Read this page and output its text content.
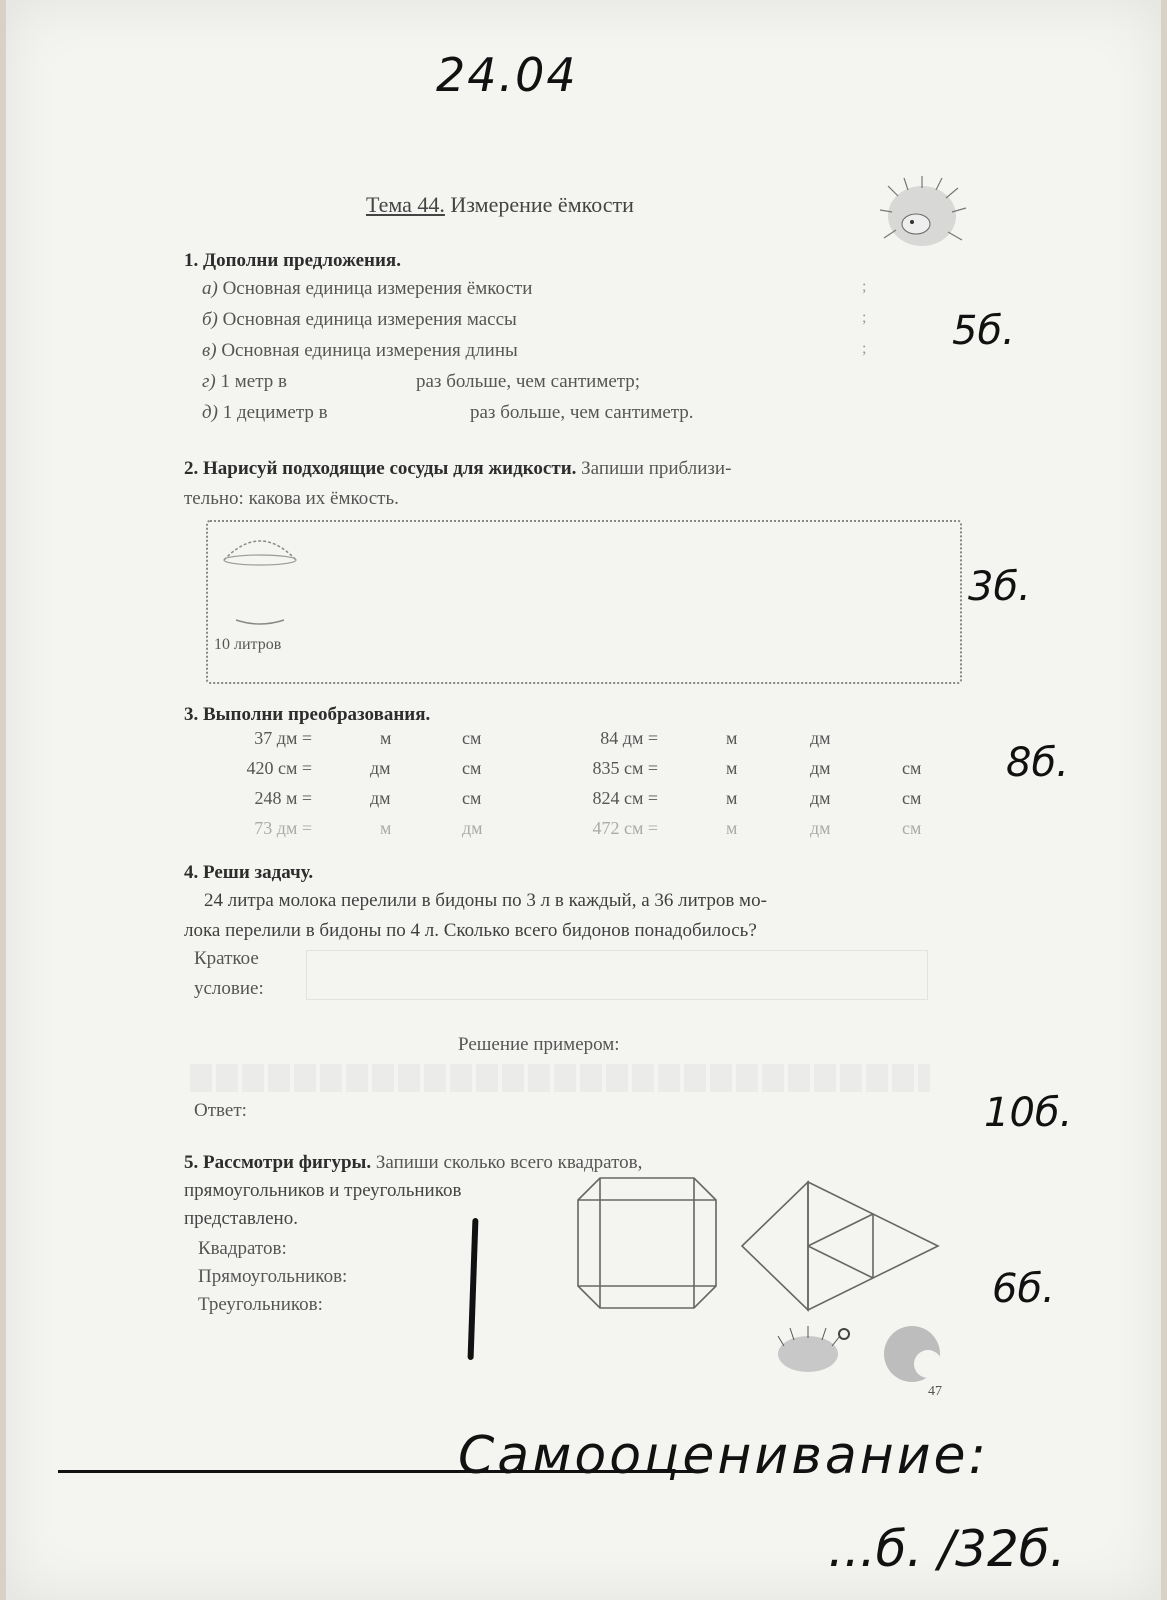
24.04
Тема 44. Измерение ёмкости
1. Дополни предложения.
а) Основная единица измерения ёмкости	;
б) Основная единица измерения массы	;
в) Основная единица измерения длины	;
г) 1 метр в	раз больше, чем сантиметр;
д) 1 дециметр в	раз больше, чем сантиметр.
5б.
2. Нарисуй подходящие сосуды для жидкости. Запиши приблизи-
тельно: какова их ёмкость.
10 литров
3б.
3. Выполни преобразования.
37 дм =	м	см	84 дм =	м	дм
420 см =	дм	см	835 см =	м	дм	см
248 м =	дм	см	824 см =	м	дм	см
73 дм =	м	дм	472 см =	м	дм	см
8б.
4. Реши задачу.
24 литра молока перелили в бидоны по 3 л в каждый, а 36 литров мо-
лока перелили в бидоны по 4 л. Сколько всего бидонов понадобилось?
Краткое
условие:
Решение примером:
Ответ:	10б.
5. Рассмотри фигуры. Запиши сколько всего квадратов,
прямоугольников и треугольников
представлено.
Квадратов:
Прямоугольников:
Треугольников:	6б.
47
Самооценивание:
...б. /32б.
